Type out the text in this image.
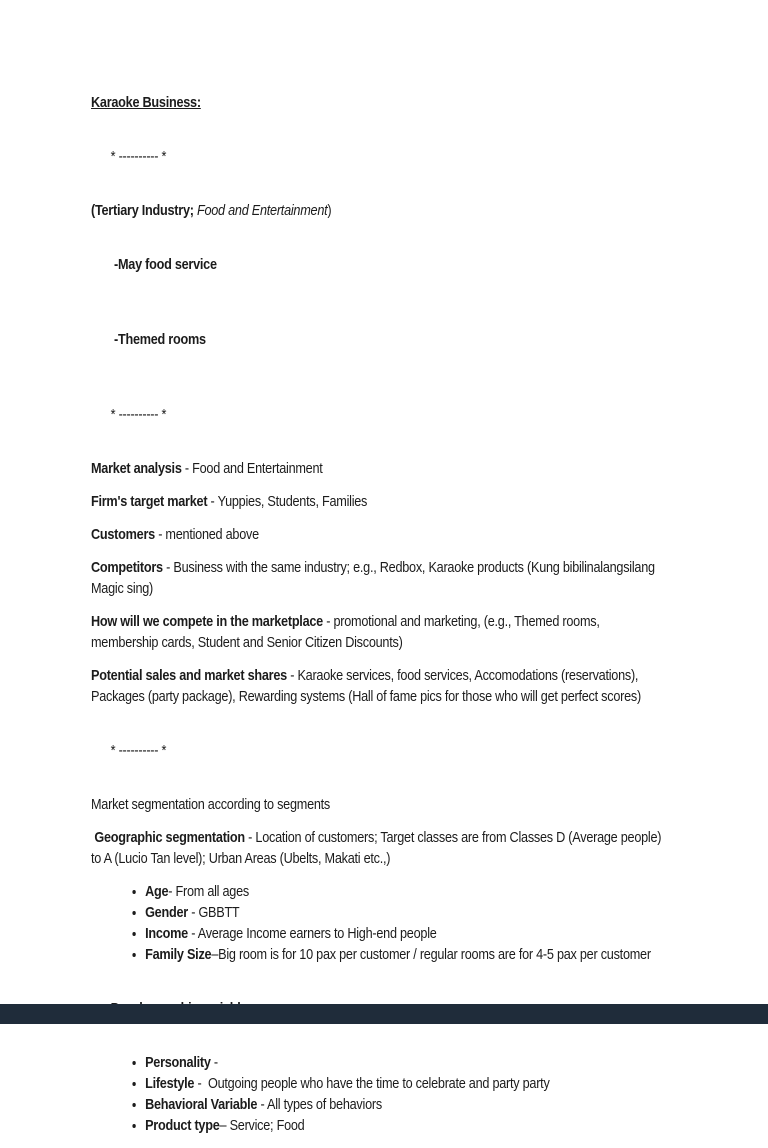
Karaoke Business:

* ---------- *

(Tertiary Industry; Food and Entertainment)

-May food service

-Themed rooms

* ---------- *

Market analysis - Food and Entertainment
Firm's target market - Yuppies, Students, Families
Customers - mentioned above
Competitors - Business with the same industry; e.g., Redbox, Karaoke products (Kung bibilinalangsilang
Magic sing)
How will we compete in the marketplace - promotional and marketing, (e.g., Themed rooms,
membership cards, Student and Senior Citizen Discounts)
Potential sales and market shares - Karaoke services, food services, Accomodations (reservations),
Packages (party package), Rewarding systems (Hall of fame pics for those who will get perfect scores)

* ---------- *

Market segmentation according to segments
Geographic segmentation - Location of customers; Target classes are from Classes D (Average people)
to A (Lucio Tan level); Urban Areas (Ubelts, Makati etc.,)
• Age- From all ages
• Gender - GBBTT
• Income - Average Income earners to High-end people
• Family Size–Big room is for 10 pax per customer / regular rooms are for 4-5 pax per customer

• Personality -
• Lifestyle -  Outgoing people who have the time to celebrate and party party
• Behavioral Variable - All types of behaviors
• Product type– Service; Food
